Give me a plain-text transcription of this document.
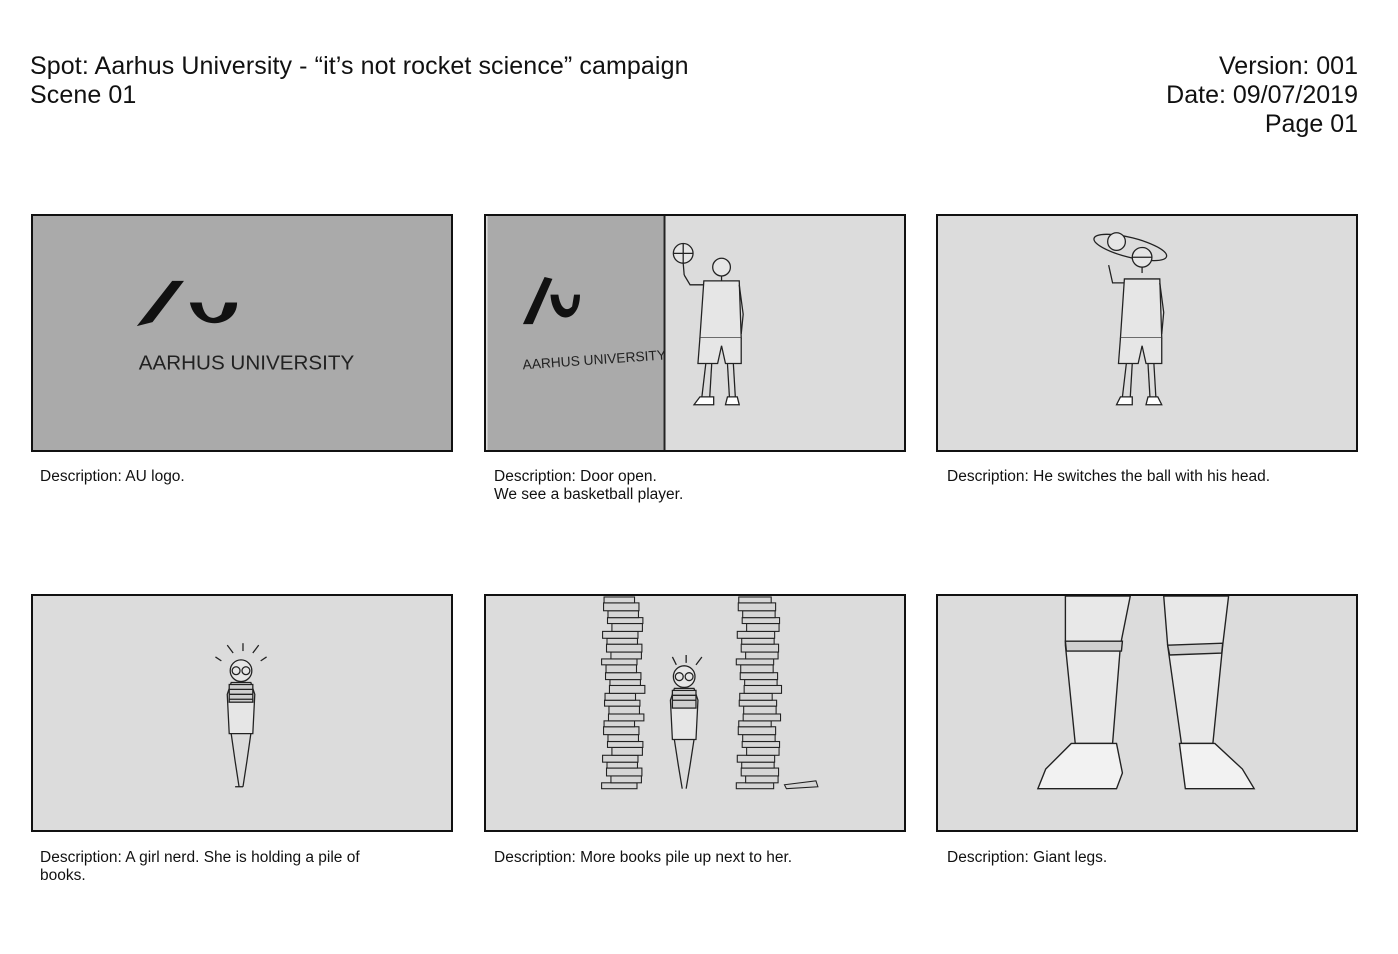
Spot: Aarhus University - “it’s not rocket science” campaign
Scene 01
Version: 001
Date: 09/07/2019
Page 01
AARHUS UNIVERSITY
Description: AU logo.
AARHUS UNIVERSITY
Description: Door open.
We see a basketball player.
Description: He switches the ball with his head.
Description: A girl nerd. She is holding a pile of
books.
Description: More books pile up next to her.	Description: Giant legs.
